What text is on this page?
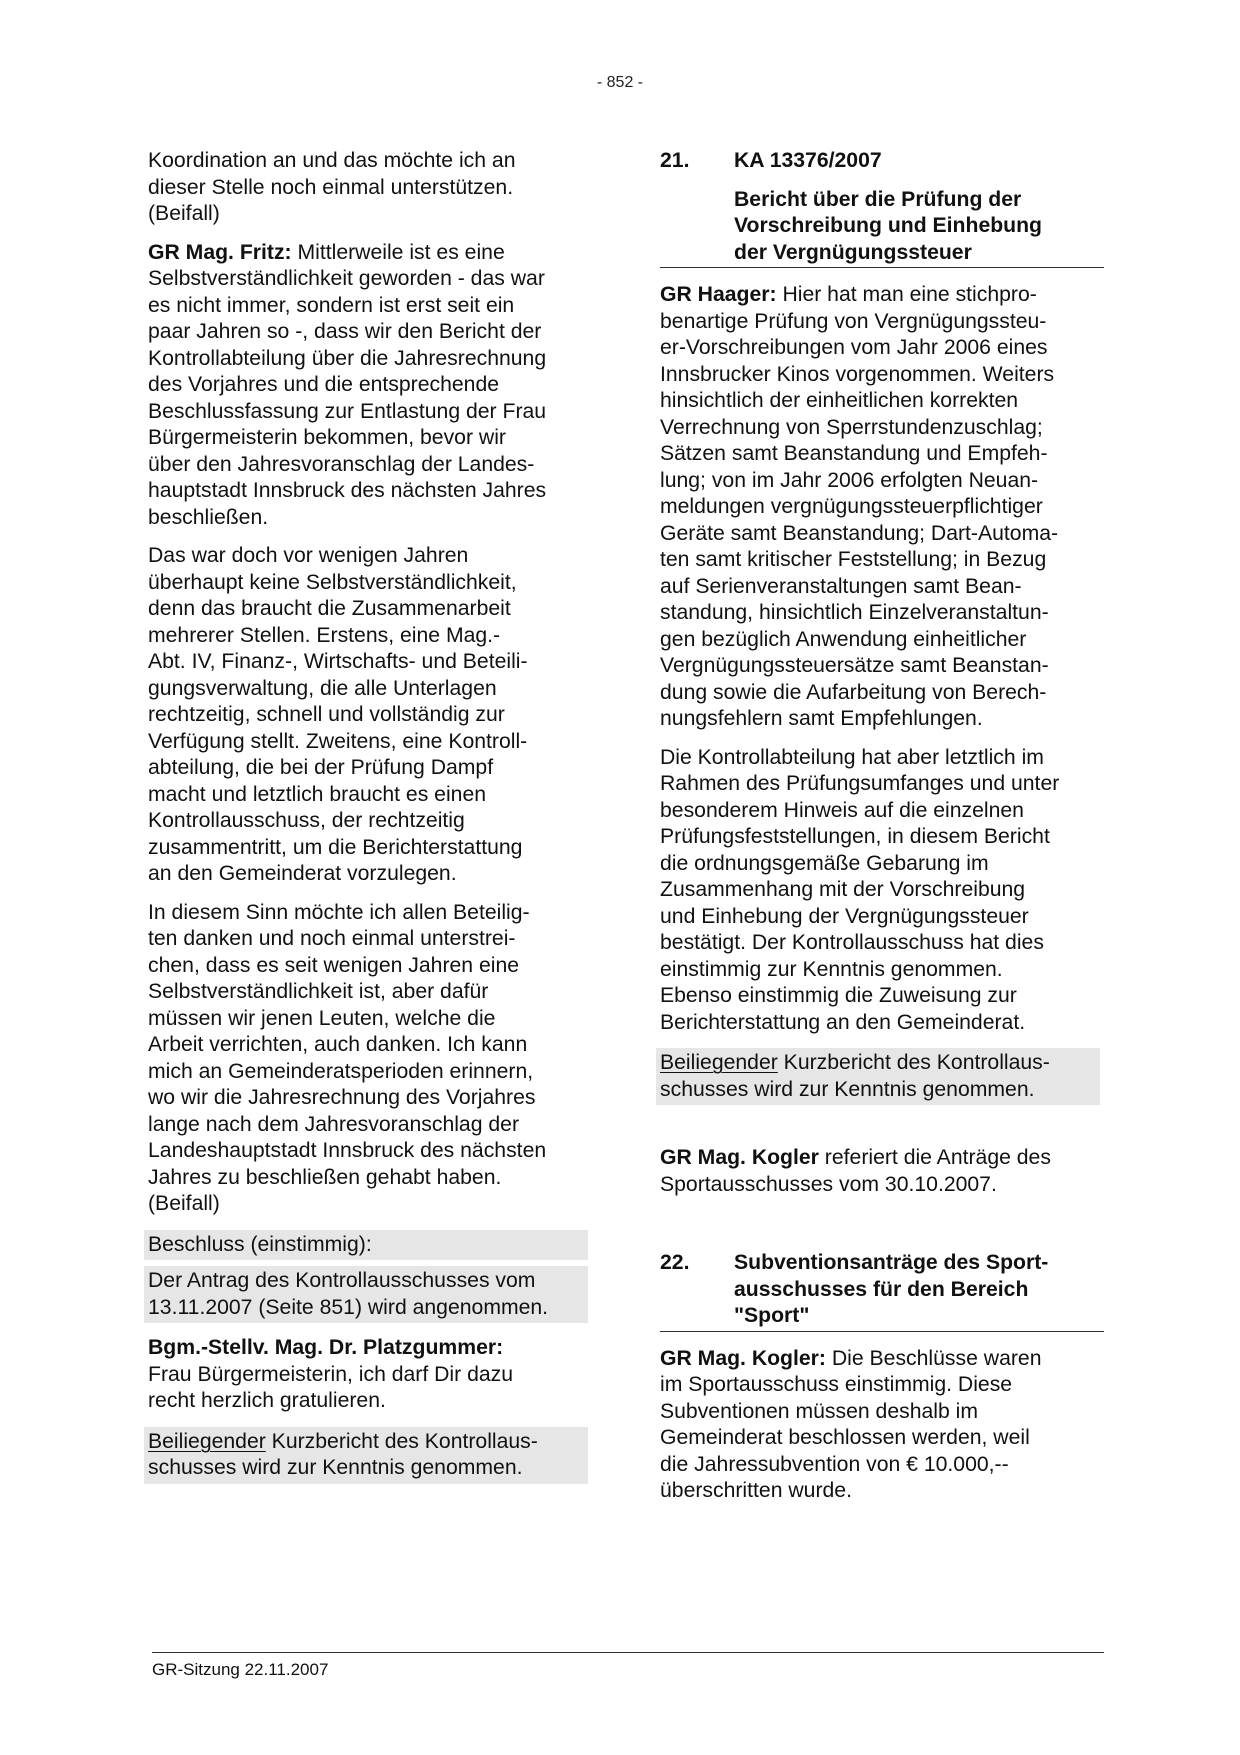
- 852 -
Koordination an und das möchte ich an
dieser Stelle noch einmal unterstützen.
(Beifall)
GR Mag. Fritz: Mittlerweile ist es eine
Selbstverständlichkeit geworden - das war
es nicht immer, sondern ist erst seit ein
paar Jahren so -, dass wir den Bericht der
Kontrollabteilung über die Jahresrechnung
des Vorjahres und die entsprechende
Beschlussfassung zur Entlastung der Frau
Bürgermeisterin bekommen, bevor wir
über den Jahresvoranschlag der Landes-
hauptstadt Innsbruck des nächsten Jahres
beschließen.
Das war doch vor wenigen Jahren
überhaupt keine Selbstverständlichkeit,
denn das braucht die Zusammenarbeit
mehrerer Stellen. Erstens, eine Mag.-
Abt. IV, Finanz-, Wirtschafts- und Beteili-
gungsverwaltung, die alle Unterlagen
rechtzeitig, schnell und vollständig zur
Verfügung stellt. Zweitens, eine Kontroll-
abteilung, die bei der Prüfung Dampf
macht und letztlich braucht es einen
Kontrollausschuss, der rechtzeitig
zusammentritt, um die Berichterstattung
an den Gemeinderat vorzulegen.
In diesem Sinn möchte ich allen Beteilig-
ten danken und noch einmal unterstrei-
chen, dass es seit wenigen Jahren eine
Selbstverständlichkeit ist, aber dafür
müssen wir jenen Leuten, welche die
Arbeit verrichten, auch danken. Ich kann
mich an Gemeinderatsperioden erinnern,
wo wir die Jahresrechnung des Vorjahres
lange nach dem Jahresvoranschlag der
Landeshauptstadt Innsbruck des nächsten
Jahres zu beschließen gehabt haben.
(Beifall)
Beschluss (einstimmig):
Der Antrag des Kontrollausschusses vom
13.11.2007 (Seite 851) wird angenommen.
Bgm.-Stellv. Mag. Dr. Platzgummer:
Frau Bürgermeisterin, ich darf Dir dazu
recht herzlich gratulieren.
Beiliegender Kurzbericht des Kontrollaus-
schusses wird zur Kenntnis genommen.
21.	KA 13376/2007
Bericht über die Prüfung der
Vorschreibung und Einhebung
der Vergnügungssteuer
GR Haager: Hier hat man eine stichpro-
benartige Prüfung von Vergnügungssteu-
er-Vorschreibungen vom Jahr 2006 eines
Innsbrucker Kinos vorgenommen. Weiters
hinsichtlich der einheitlichen korrekten
Verrechnung von Sperrstundenzuschlag;
Sätzen samt Beanstandung und Empfeh-
lung; von im Jahr 2006 erfolgten Neuan-
meldungen vergnügungssteuerpflichtiger
Geräte samt Beanstandung; Dart-Automa-
ten samt kritischer Feststellung; in Bezug
auf Serienveranstaltungen samt Bean-
standung, hinsichtlich Einzelveranstaltun-
gen bezüglich Anwendung einheitlicher
Vergnügungssteuersätze samt Beanstan-
dung sowie die Aufarbeitung von Berech-
nungsfehlern samt Empfehlungen.
Die Kontrollabteilung hat aber letztlich im
Rahmen des Prüfungsumfanges und unter
besonderem Hinweis auf die einzelnen
Prüfungsfeststellungen, in diesem Bericht
die ordnungsgemäße Gebarung im
Zusammenhang mit der Vorschreibung
und Einhebung der Vergnügungssteuer
bestätigt. Der Kontrollausschuss hat dies
einstimmig zur Kenntnis genommen.
Ebenso einstimmig die Zuweisung zur
Berichterstattung an den Gemeinderat.
Beiliegender Kurzbericht des Kontrollaus-
schusses wird zur Kenntnis genommen.
GR Mag. Kogler referiert die Anträge des
Sportausschusses vom 30.10.2007.
22.	Subventionsanträge des Sport-
ausschusses für den Bereich
"Sport"
GR Mag. Kogler: Die Beschlüsse waren
im Sportausschuss einstimmig. Diese
Subventionen müssen deshalb im
Gemeinderat beschlossen werden, weil
die Jahressubvention von € 10.000,--
überschritten wurde.
GR-Sitzung 22.11.2007
